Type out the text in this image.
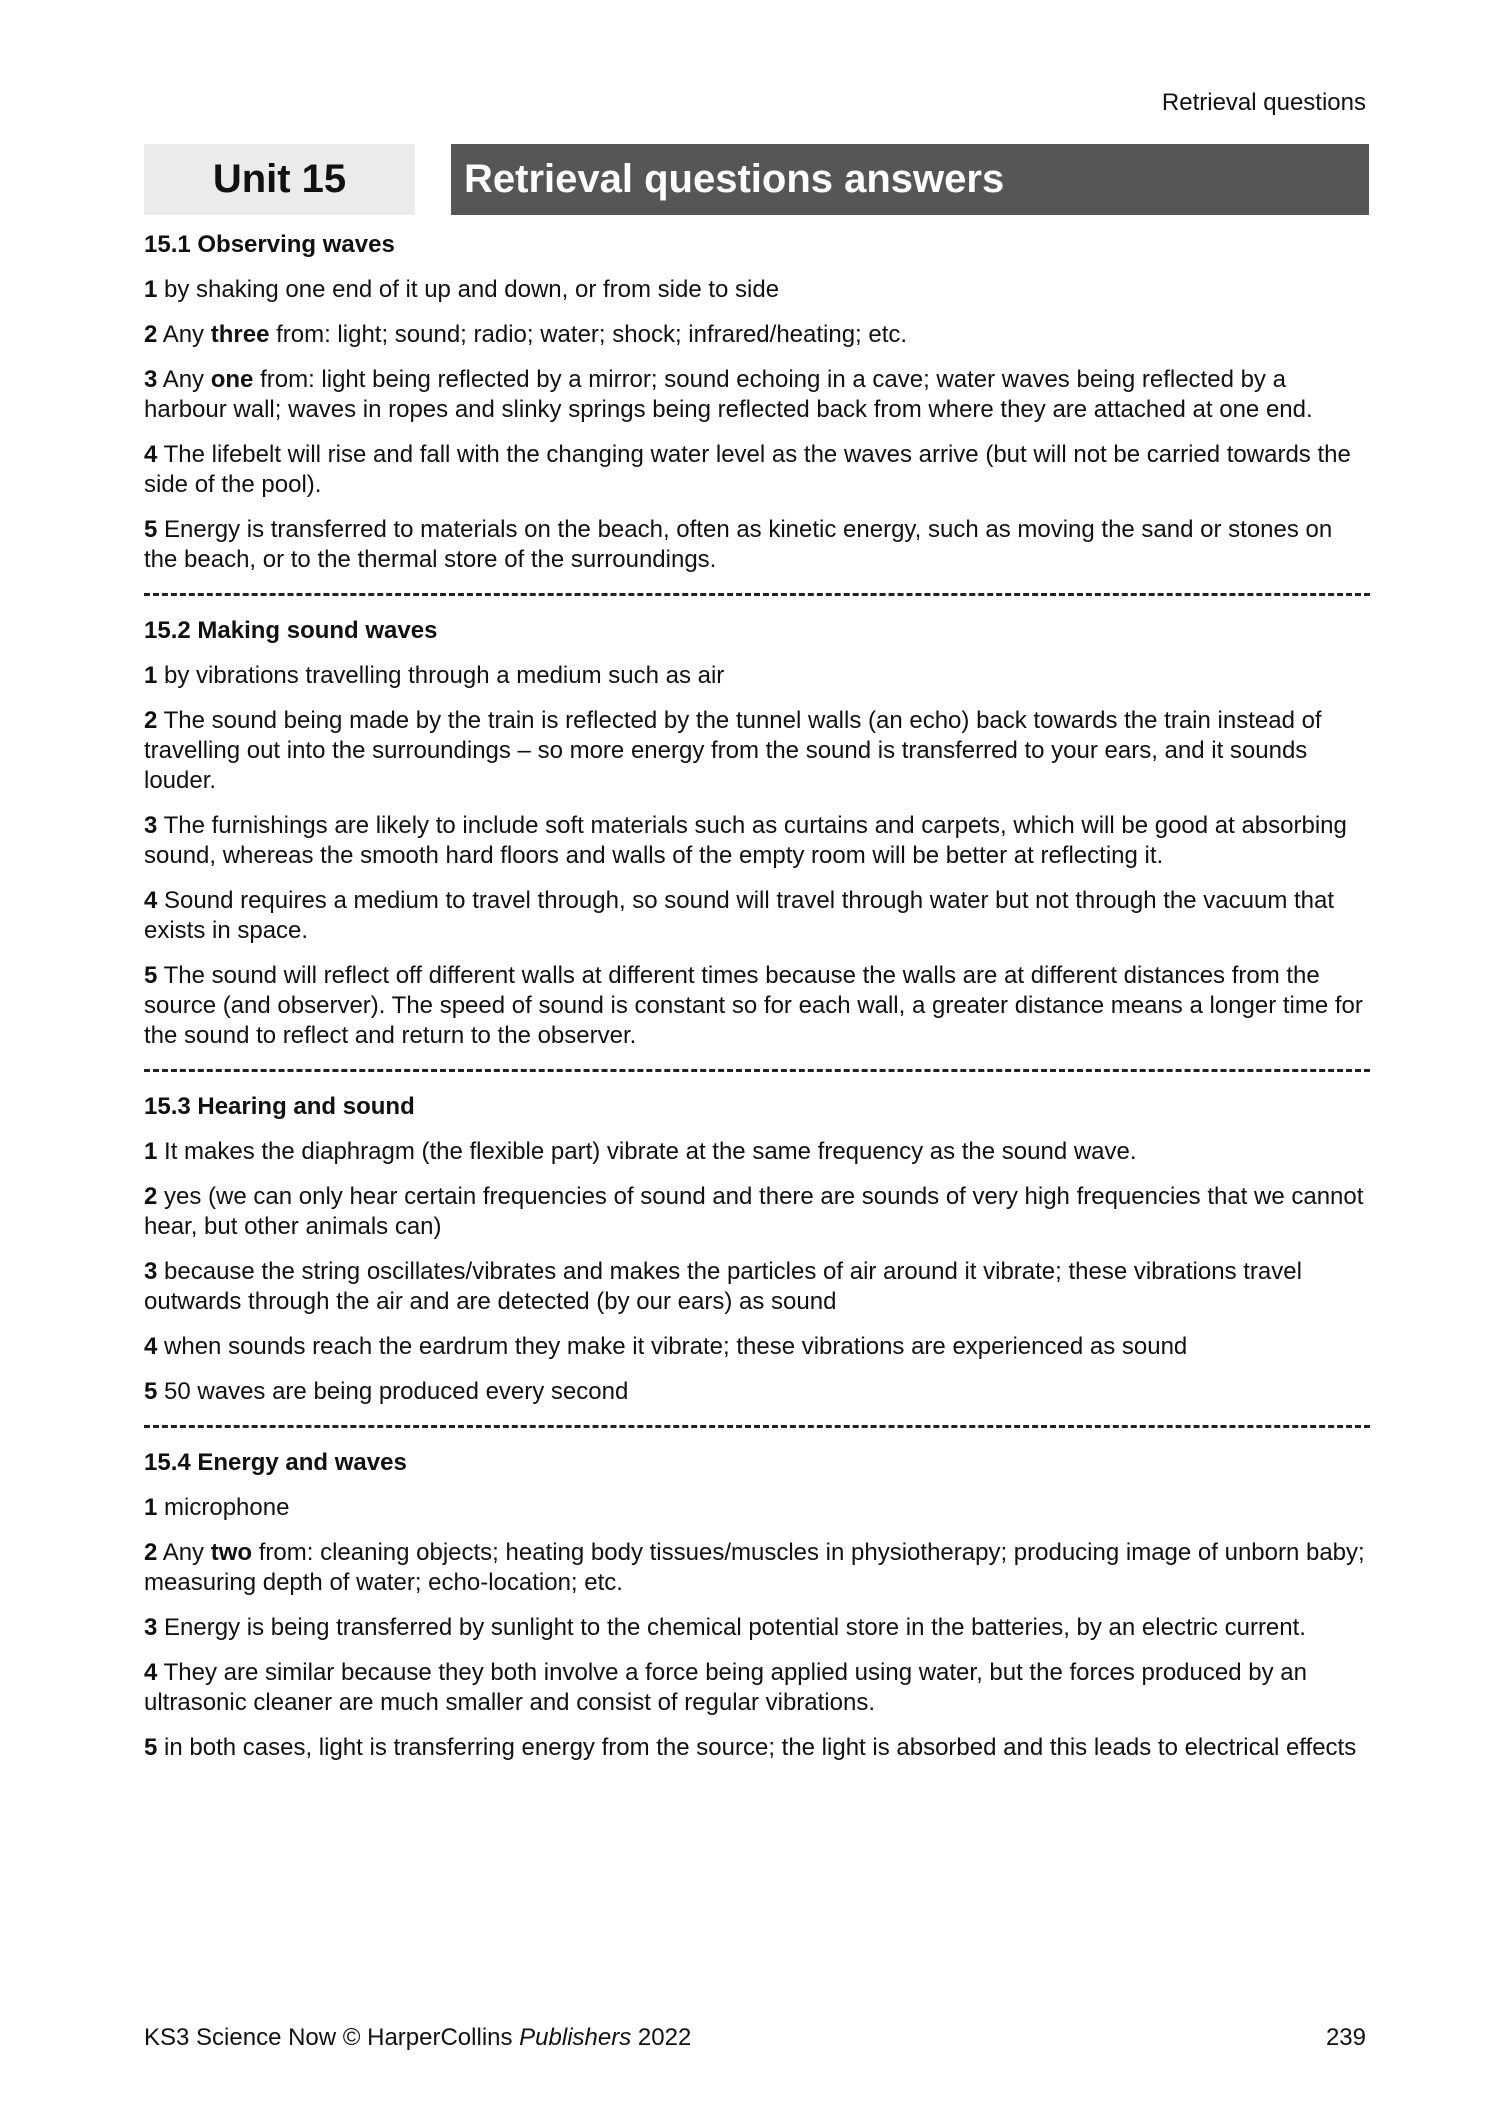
Retrieval questions
Unit 15	Retrieval questions answers
15.1 Observing waves
1 by shaking one end of it up and down, or from side to side
2 Any three from: light; sound; radio; water; shock; infrared/heating; etc.
3 Any one from: light being reflected by a mirror; sound echoing in a cave; water waves being reflected by a harbour wall; waves in ropes and slinky springs being reflected back from where they are attached at one end.
4 The lifebelt will rise and fall with the changing water level as the waves arrive (but will not be carried towards the side of the pool).
5 Energy is transferred to materials on the beach, often as kinetic energy, such as moving the sand or stones on the beach, or to the thermal store of the surroundings.
15.2 Making sound waves
1 by vibrations travelling through a medium such as air
2 The sound being made by the train is reflected by the tunnel walls (an echo) back towards the train instead of travelling out into the surroundings – so more energy from the sound is transferred to your ears, and it sounds louder.
3 The furnishings are likely to include soft materials such as curtains and carpets, which will be good at absorbing sound, whereas the smooth hard floors and walls of the empty room will be better at reflecting it.
4 Sound requires a medium to travel through, so sound will travel through water but not through the vacuum that exists in space.
5 The sound will reflect off different walls at different times because the walls are at different distances from the source (and observer). The speed of sound is constant so for each wall, a greater distance means a longer time for the sound to reflect and return to the observer.
15.3 Hearing and sound
1 It makes the diaphragm (the flexible part) vibrate at the same frequency as the sound wave.
2 yes (we can only hear certain frequencies of sound and there are sounds of very high frequencies that we cannot hear, but other animals can)
3 because the string oscillates/vibrates and makes the particles of air around it vibrate; these vibrations travel outwards through the air and are detected (by our ears) as sound
4 when sounds reach the eardrum they make it vibrate; these vibrations are experienced as sound
5 50 waves are being produced every second
15.4 Energy and waves
1 microphone
2 Any two from: cleaning objects; heating body tissues/muscles in physiotherapy; producing image of unborn baby; measuring depth of water; echo-location; etc.
3 Energy is being transferred by sunlight to the chemical potential store in the batteries, by an electric current.
4 They are similar because they both involve a force being applied using water, but the forces produced by an ultrasonic cleaner are much smaller and consist of regular vibrations.
5 in both cases, light is transferring energy from the source; the light is absorbed and this leads to electrical effects
KS3 Science Now © HarperCollins Publishers 2022	239
